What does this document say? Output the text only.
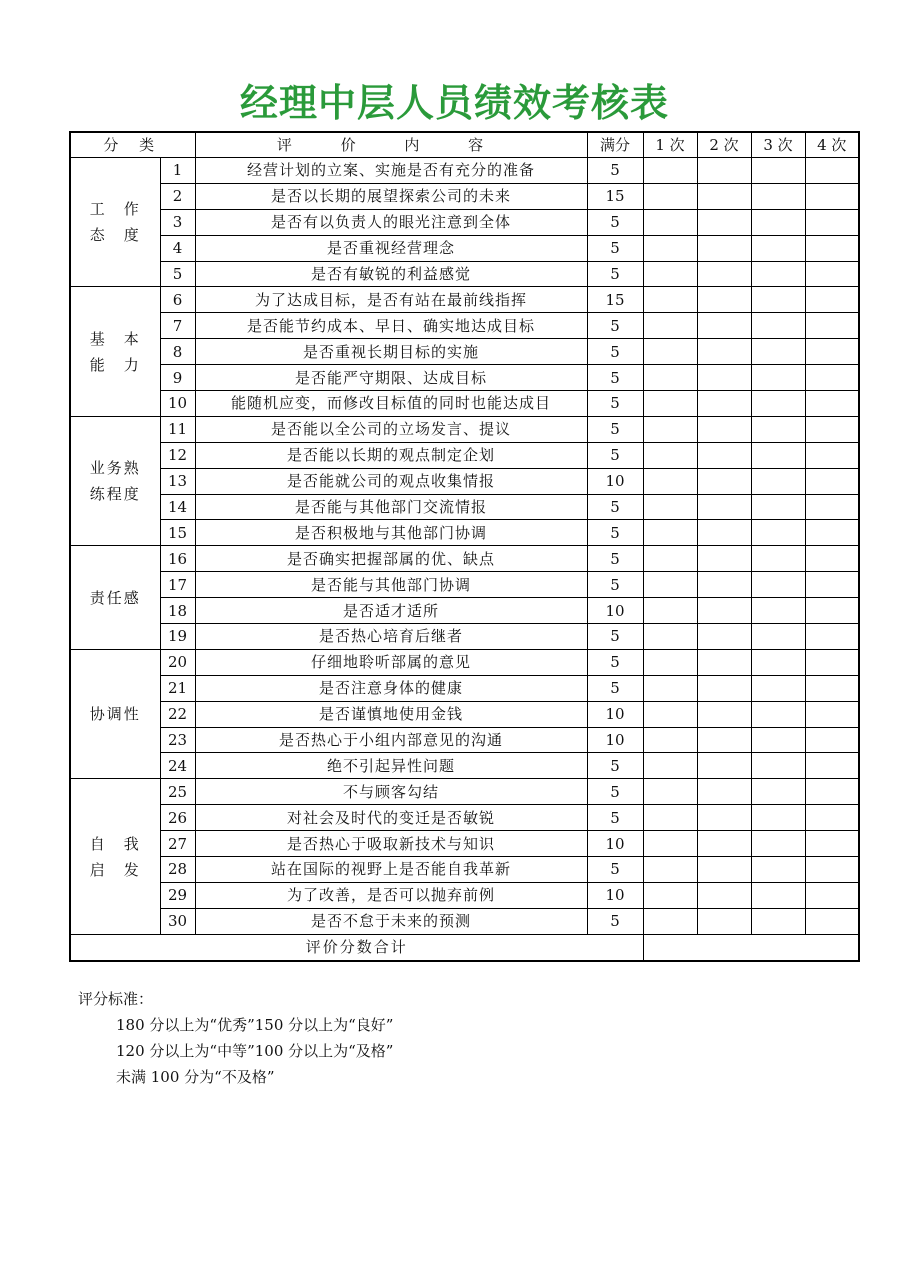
经理中层人员绩效考核表
分 类		评 价 内 容	满分	1 次	2 次	3 次	4 次

工　作
态　度	1	经营计划的立案、实施是否有充分的准备	5				
	2	是否以长期的展望探索公司的未来	15				
	3	是否有以负责人的眼光注意到全体	5				
	4	是否重视经营理念	5				
	5	是否有敏锐的利益感觉	5				

基　本
能　力	6	为了达成目标，是否有站在最前线指挥	15				
	7	是否能节约成本、早日、确实地达成目标	5				
	8	是否重视长期目标的实施	5				
	9	是否能严守期限、达成目标	5				
	10	能随机应变，而修改目标值的同时也能达成目	5				

业务熟
练程度	11	是否能以全公司的立场发言、提议	5				
	12	是否能以长期的观点制定企划	5				
	13	是否能就公司的观点收集情报	10				
	14	是否能与其他部门交流情报	5				
	15	是否积极地与其他部门协调	5				

责任感	16	是否确实把握部属的优、缺点	5				
	17	是否能与其他部门协调	5				
	18	是否适才适所	10				
	19	是否热心培育后继者	5				

协调性	20	仔细地聆听部属的意见	5				
	21	是否注意身体的健康	5				
	22	是否谨慎地使用金钱	10				
	23	是否热心于小组内部意见的沟通	10				
	24	绝不引起异性问题	5				

自　我
启　发	25	不与顾客勾结	5				
	26	对社会及时代的变迁是否敏锐	5				
	27	是否热心于吸取新技术与知识	10				
	28	站在国际的视野上是否能自我革新	5				
	29	为了改善，是否可以抛弃前例	10				
	30	是否不怠于未来的预测	5				
评价分数合计							
评分标准：
180 分以上为“优秀”150 分以上为“良好”
120 分以上为“中等”100 分以上为“及格”
未满 100 分为“不及格”
